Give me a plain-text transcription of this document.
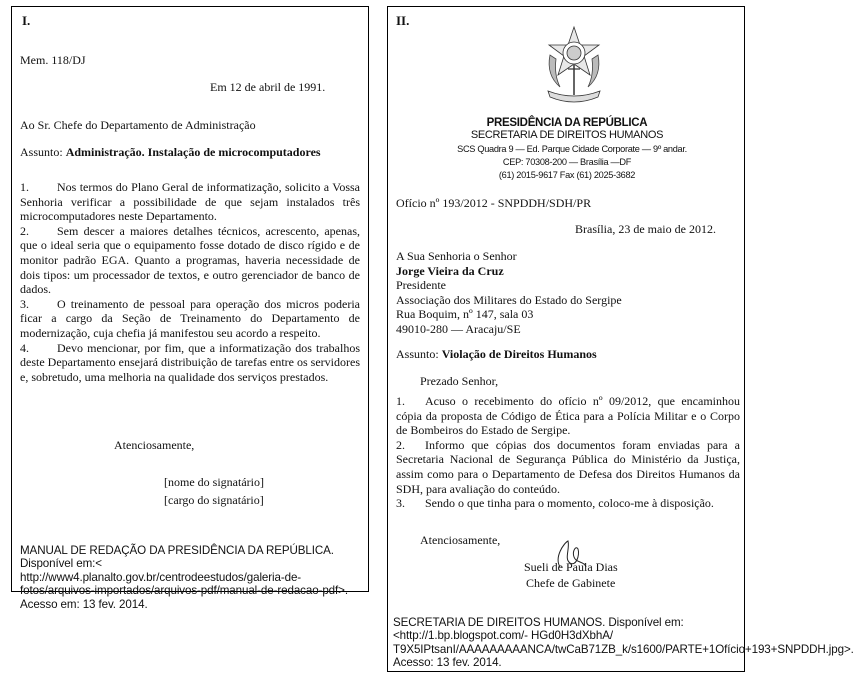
I.
Mem. 118/DJ
Em 12 de abril de 1991.
Ao Sr. Chefe do Departamento de Administração
Assunto: Administração. Instalação de microcomputadores
1. Nos termos do Plano Geral de informatização, solicito a Vossa Senhoria verificar a possibilidade de que sejam instalados três microcomputadores neste Departamento.
2. Sem descer a maiores detalhes técnicos, acrescento, apenas, que o ideal seria que o equipamento fosse dotado de disco rígido e de monitor padrão EGA. Quanto a programas, haveria necessidade de dois tipos: um processador de textos, e outro gerenciador de banco de dados.
3. O treinamento de pessoal para operação dos micros poderia ficar a cargo da Seção de Treinamento do Departamento de modernização, cuja chefia já manifestou seu acordo a respeito.
4. Devo mencionar, por fim, que a informatização dos trabalhos deste Departamento ensejará distribuição de tarefas entre os servidores e, sobretudo, uma melhoria na qualidade dos serviços prestados.
Atenciosamente,
[nome do signatário]
[cargo do signatário]
MANUAL DE REDAÇÃO DA PRESIDÊNCIA DA REPÚBLICA. Disponível em:< http://www4.planalto.gov.br/centrodeestudos/galeria-de-fotos/arquivos-importados/arquivos-pdf/manual-de-redacao-pdf>. Acesso em: 13 fev. 2014.
II.
PRESIDÊNCIA DA REPÚBLICA
SECRETARIA DE DIREITOS HUMANOS
SCS Quadra 9 — Ed. Parque Cidade Corporate — 9º andar.
CEP: 70308-200 — Brasília —DF
(61) 2015-9617 Fax (61) 2025-3682
Ofício nº 193/2012 - SNPDDH/SDH/PR
Brasília, 23 de maio de 2012.
A Sua Senhoria o Senhor
Jorge Vieira da Cruz
Presidente
Associação dos Militares do Estado do Sergipe
Rua Boquim, nº 147, sala 03
49010-280 — Aracaju/SE
Assunto: Violação de Direitos Humanos
Prezado Senhor,
1. Acuso o recebimento do ofício nº 09/2012, que encaminhou cópia da proposta de Código de Ética para a Polícia Militar e o Corpo de Bombeiros do Estado de Sergipe.
2. Informo que cópias dos documentos foram enviadas para a Secretaria Nacional de Segurança Pública do Ministério da Justiça, assim como para o Departamento de Defesa dos Direitos Humanos da SDH, para avaliação do conteúdo.
3. Sendo o que tinha para o momento, coloco-me à disposição.
Atenciosamente,
Sueli de Paula Dias
Chefe de Gabinete
SECRETARIA DE DIREITOS HUMANOS. Disponível em:<http://1.bp.blogspot.com/- HGd0H3dXbhA/ T9X5IPtsanI/AAAAAAAAANCA/twCaB71ZB_k/s1600/PARTE+1Ofício+193+SNPDDH.jpg>. Acesso: 13 fev. 2014.
